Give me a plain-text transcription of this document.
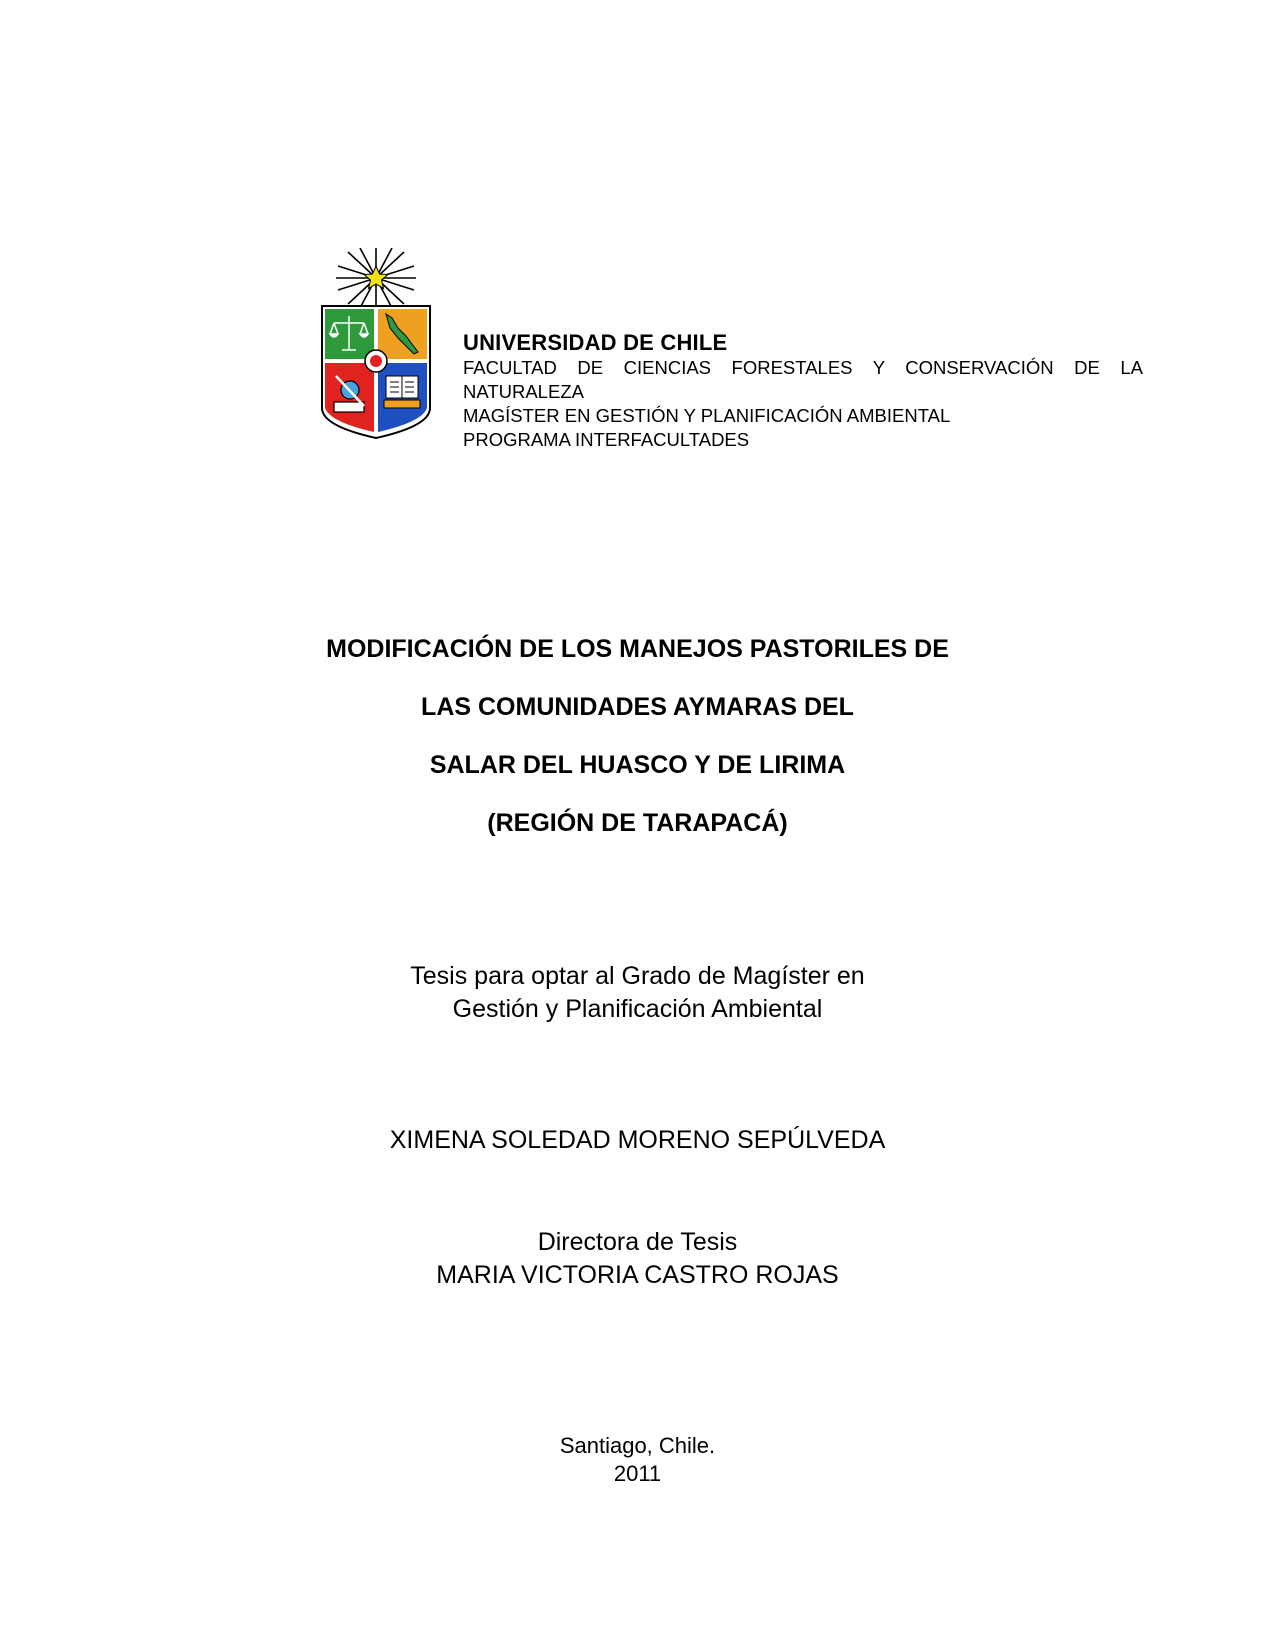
UNIVERSIDAD DE CHILE
FACULTAD DE CIENCIAS FORESTALES Y CONSERVACIÓN DE LA
NATURALEZA
MAGÍSTER EN GESTIÓN Y PLANIFICACIÓN AMBIENTAL
PROGRAMA INTERFACULTADES
MODIFICACIÓN DE LOS MANEJOS PASTORILES DE
LAS COMUNIDADES AYMARAS DEL
SALAR DEL HUASCO Y DE LIRIMA
(REGIÓN DE TARAPACÁ)
Tesis para optar al Grado de Magíster en
Gestión y Planificación Ambiental
XIMENA SOLEDAD MORENO SEPÚLVEDA
Directora de Tesis
MARIA VICTORIA CASTRO ROJAS
Santiago, Chile.
2011
